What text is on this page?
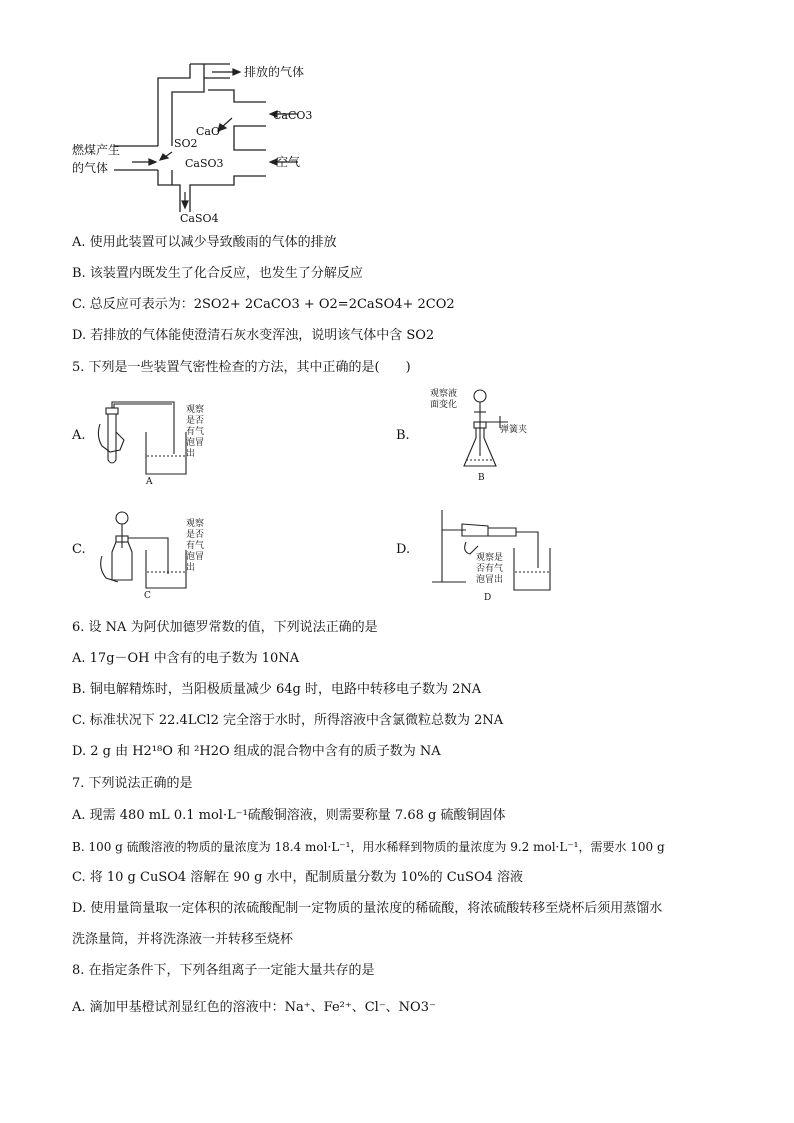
排放的气体
CaCO3
CaO
SO2
CaSO3	空气
燃煤产生
的气体
CaSO4
A. 使用此装置可以减少导致酸雨的气体的排放
B. 该装置内既发生了化合反应，也发生了分解反应
C. 总反应可表示为：2SO2+ 2CaCO3 + O2=2CaSO4+ 2CO2
D. 若排放的气体能使澄清石灰水变浑浊，说明该气体中含 SO2
5. 下列是一些装置气密性检查的方法，其中正确的是(　　)
A.	B.
C.	D.
观察
是否
有气
泡冒
出
A
观察液
面变化
弹簧夹
B
观察
是否
有气
泡冒
出
C
观察是
否有气
泡冒出
D
6. 设 NA 为阿伏加德罗常数的值，下列说法正确的是
A. 17g－OH 中含有的电子数为 10NA
B. 铜电解精炼时，当阳极质量减少 64g 时，电路中转移电子数为 2NA
C. 标准状况下 22.4LCl2 完全溶于水时，所得溶液中含氯微粒总数为 2NA
D. 2 g 由 H2¹⁸O 和 ²H2O 组成的混合物中含有的质子数为 NA
7. 下列说法正确的是
A. 现需 480 mL 0.1 mol·L⁻¹硫酸铜溶液，则需要称量 7.68 g 硫酸铜固体
B. 100 g 硫酸溶液的物质的量浓度为 18.4 mol·L⁻¹，用水稀释到物质的量浓度为 9.2 mol·L⁻¹，需要水 100 g
C. 将 10 g CuSO4 溶解在 90 g 水中，配制质量分数为 10%的 CuSO4 溶液
D. 使用量筒量取一定体积的浓硫酸配制一定物质的量浓度的稀硫酸，将浓硫酸转移至烧杯后须用蒸馏水
洗涤量筒，并将洗涤液一并转移至烧杯
8. 在指定条件下，下列各组离子一定能大量共存的是
A. 滴加甲基橙试剂显红色的溶液中：Na⁺、Fe²⁺、Cl⁻、NO3⁻
